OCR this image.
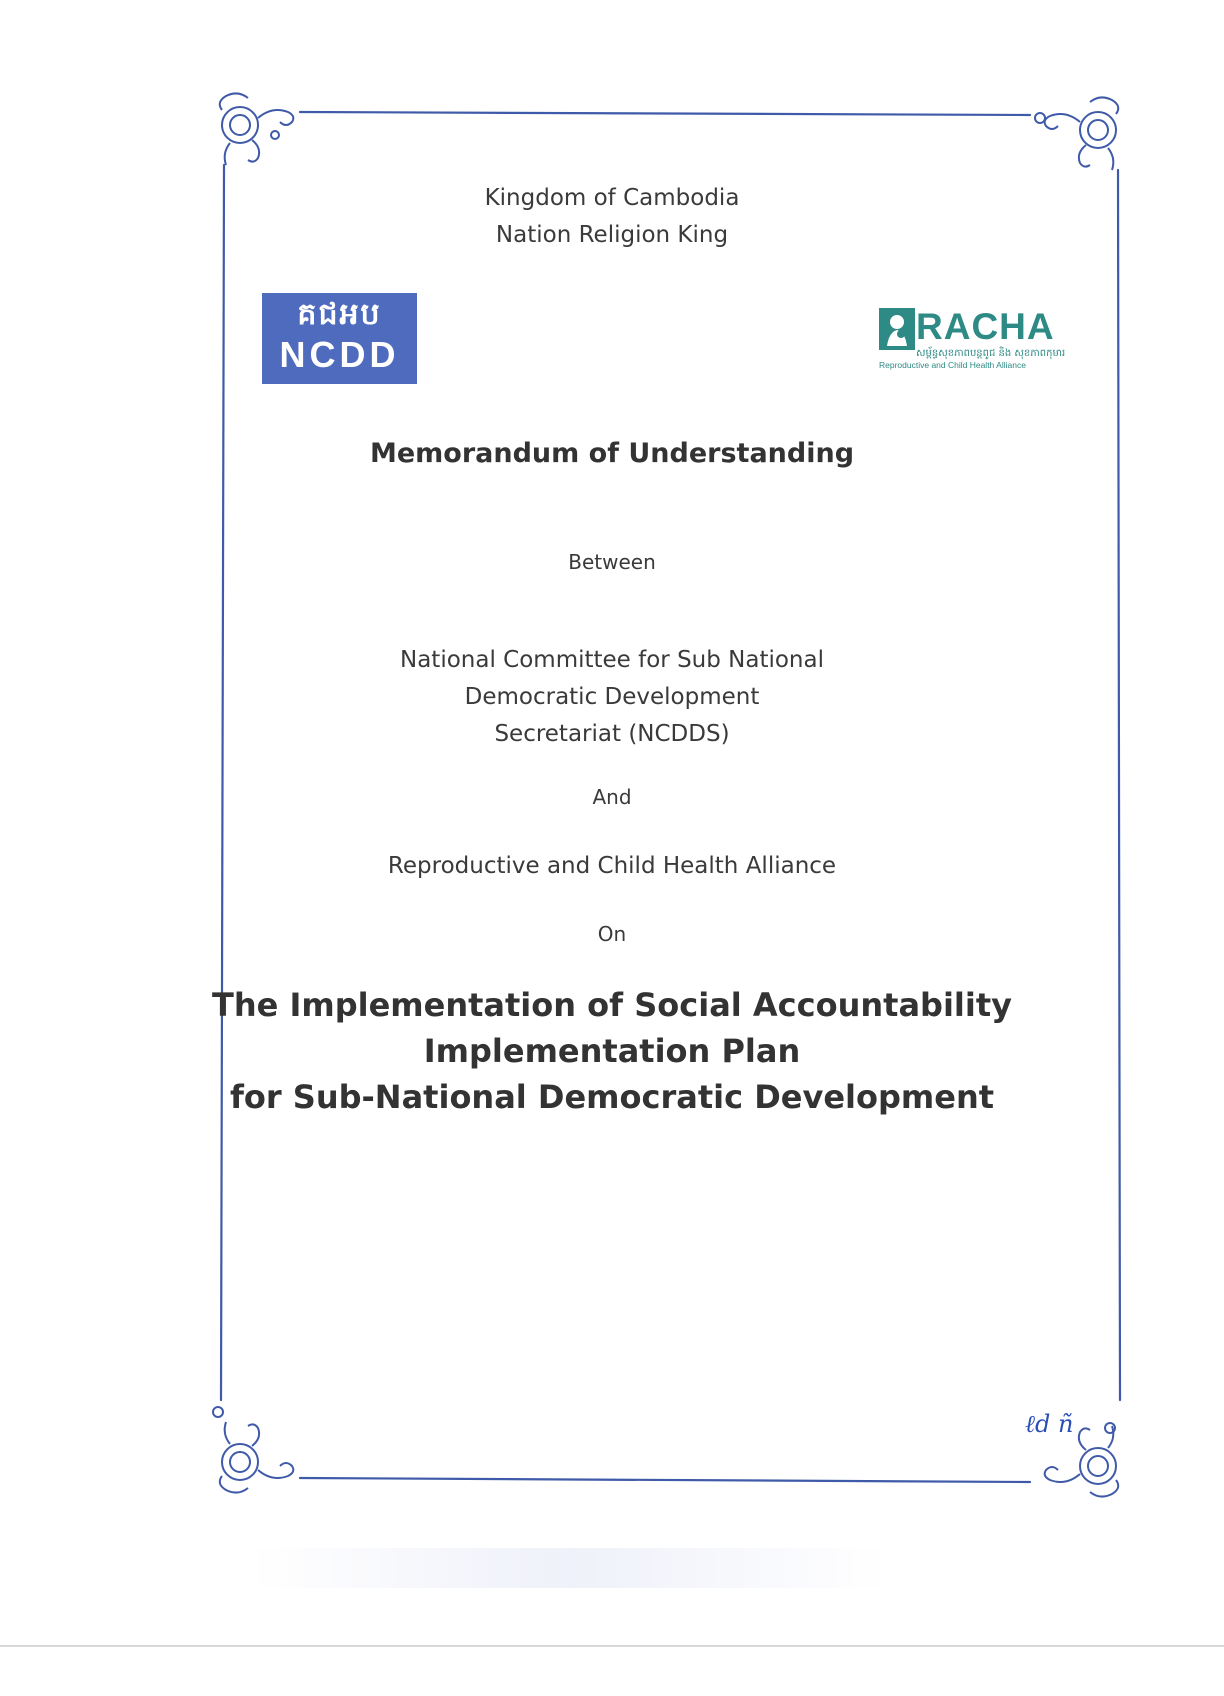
Kingdom of Cambodia
Nation Religion King
គជអប
NCDD
RACHA
សម្ព័ន្ធសុខភាពបន្តពូជ និង សុខភាពកុមារ
Reproductive and Child Health Alliance
Memorandum of Understanding
Between
National Committee for Sub National
Democratic Development
Secretariat (NCDDS)
And
Reproductive and Child Health Alliance
On
The Implementation of Social Accountability
Implementation Plan
for Sub-National Democratic Development
ℓd ñ
